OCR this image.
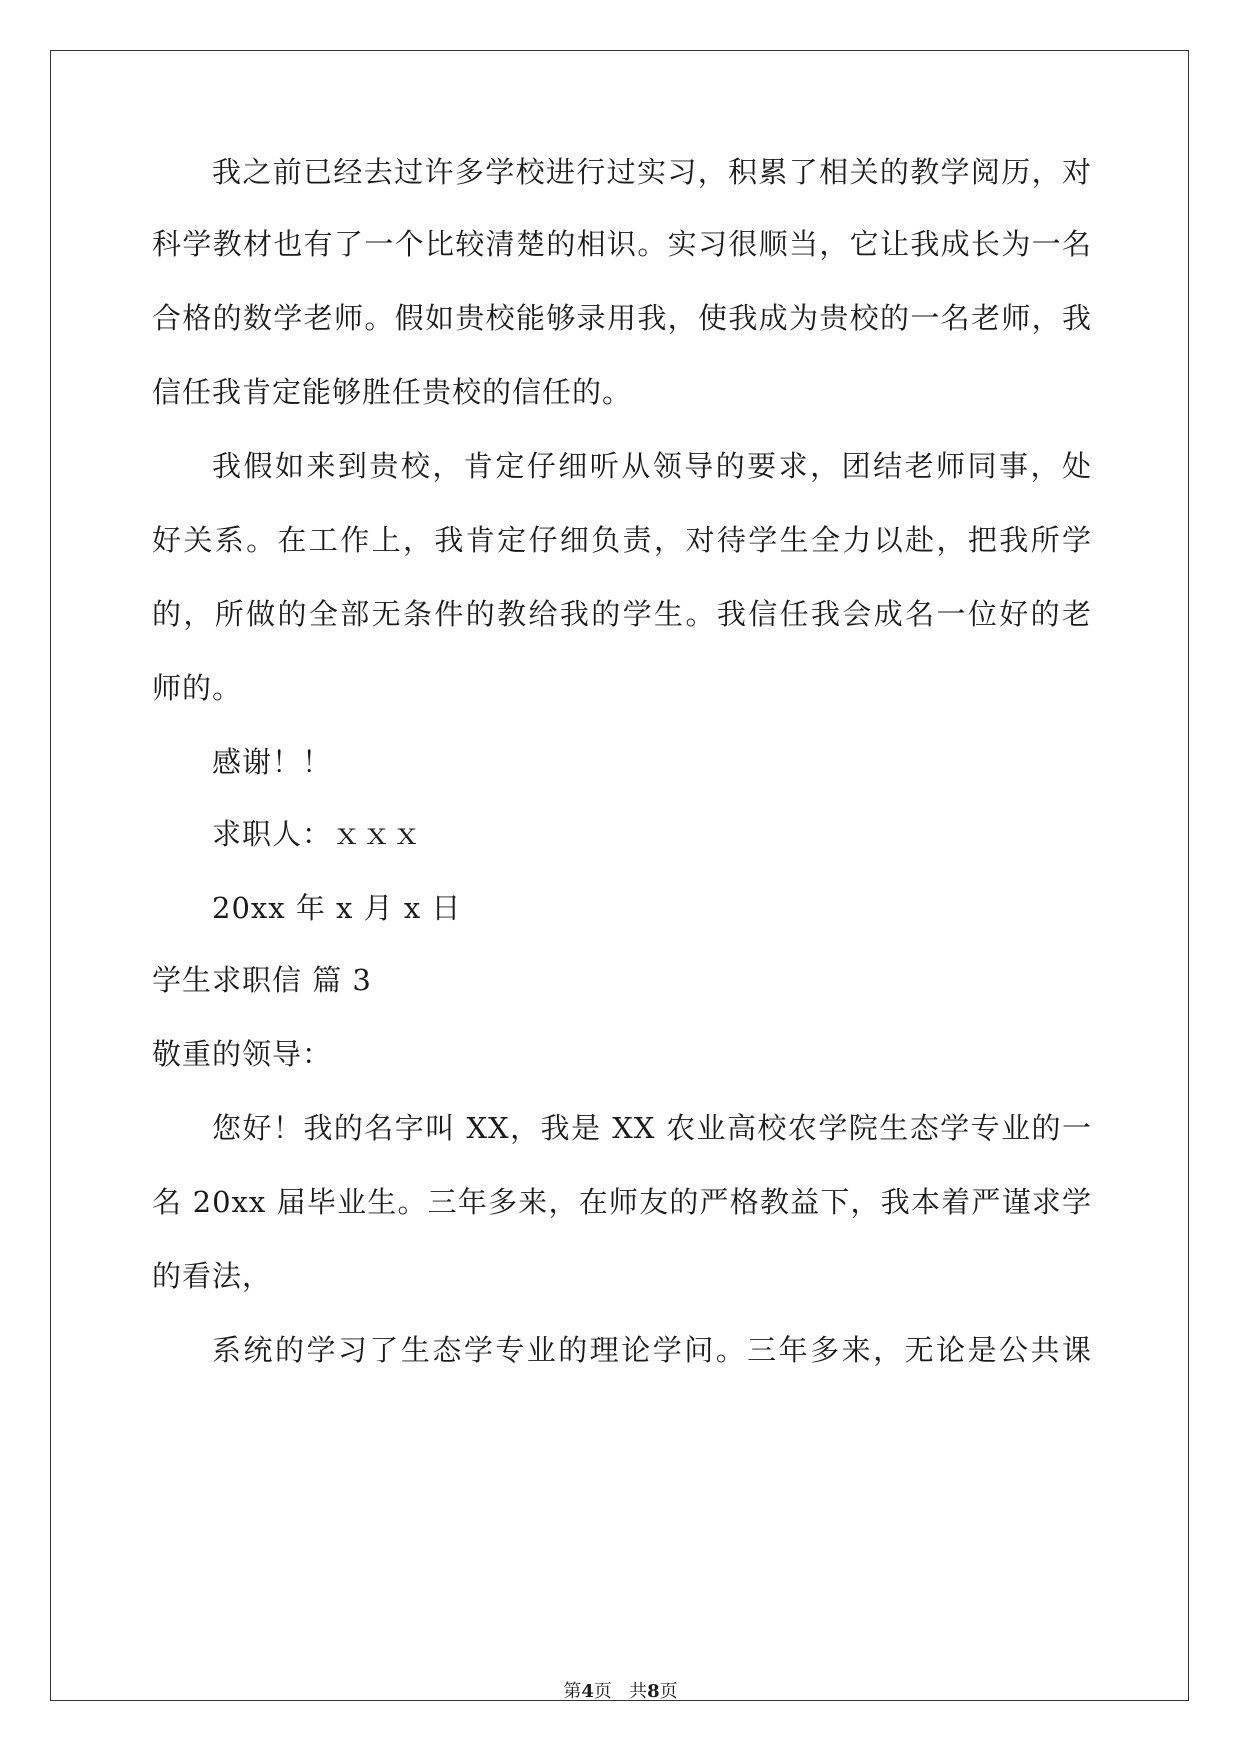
我之前已经去过许多学校进行过实习，积累了相关的教学阅历，对
科学教材也有了一个比较清楚的相识。实习很顺当，它让我成长为一名
合格的数学老师。假如贵校能够录用我，使我成为贵校的一名老师，我
信任我肯定能够胜任贵校的信任的。
我假如来到贵校，肯定仔细听从领导的要求，团结老师同事，处
好关系。在工作上，我肯定仔细负责，对待学生全力以赴，把我所学
的，所做的全部无条件的教给我的学生。我信任我会成名一位好的老
师的。
感谢！！
求职人：ｘｘｘ
20xx 年 x 月 x 日
学生求职信 篇 3
敬重的领导：
您好！我的名字叫 XX，我是 XX 农业高校农学院生态学专业的一
名 20xx 届毕业生。三年多来，在师友的严格教益下，我本着严谨求学
的看法，
系统的学习了生态学专业的理论学问。三年多来，无论是公共课
第4页 共8页
